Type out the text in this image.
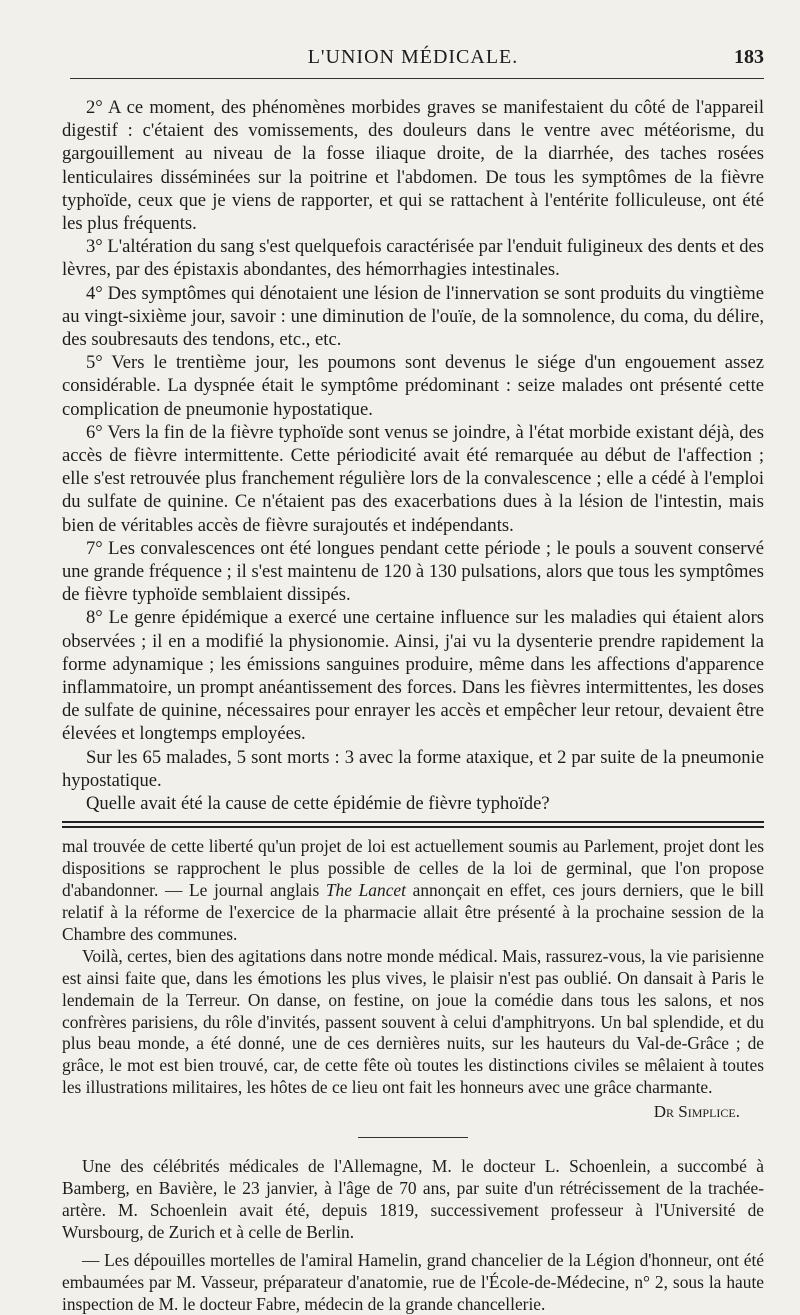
L'UNION MÉDICALE.	183

2° A ce moment, des phénomènes morbides graves se manifestaient du côté de l'appareil digestif : c'étaient des vomissements, des douleurs dans le ventre avec météorisme, du gargouillement au niveau de la fosse iliaque droite, de la diarrhée, des taches rosées lenticulaires disséminées sur la poitrine et l'abdomen. De tous les symptômes de la fièvre typhoïde, ceux que je viens de rapporter, et qui se rattachent à l'entérite folliculeuse, ont été les plus fréquents.

3° L'altération du sang s'est quelquefois caractérisée par l'enduit fuligineux des dents et des lèvres, par des épistaxis abondantes, des hémorrhagies intestinales.

4° Des symptômes qui dénotaient une lésion de l'innervation se sont produits du vingtième au vingt-sixième jour, savoir : une diminution de l'ouïe, de la somnolence, du coma, du délire, des soubresauts des tendons, etc., etc.

5° Vers le trentième jour, les poumons sont devenus le siége d'un engouement assez considérable. La dyspnée était le symptôme prédominant : seize malades ont présenté cette complication de pneumonie hypostatique.

6° Vers la fin de la fièvre typhoïde sont venus se joindre, à l'état morbide existant déjà, des accès de fièvre intermittente. Cette périodicité avait été remarquée au début de l'affection ; elle s'est retrouvée plus franchement régulière lors de la convalescence ; elle a cédé à l'emploi du sulfate de quinine. Ce n'étaient pas des exacerbations dues à la lésion de l'intestin, mais bien de véritables accès de fièvre surajoutés et indépendants.

7° Les convalescences ont été longues pendant cette période ; le pouls a souvent conservé une grande fréquence ; il s'est maintenu de 120 à 130 pulsations, alors que tous les symptômes de fièvre typhoïde semblaient dissipés.

8° Le genre épidémique a exercé une certaine influence sur les maladies qui étaient alors observées ; il en a modifié la physionomie. Ainsi, j'ai vu la dysenterie prendre rapidement la forme adynamique ; les émissions sanguines produire, même dans les affections d'apparence inflammatoire, un prompt anéantissement des forces. Dans les fièvres intermittentes, les doses de sulfate de quinine, nécessaires pour enrayer les accès et empêcher leur retour, devaient être élevées et longtemps employées.

Sur les 65 malades, 5 sont morts : 3 avec la forme ataxique, et 2 par suite de la pneumonie hypostatique.

Quelle avait été la cause de cette épidémie de fièvre typhoïde?

mal trouvée de cette liberté qu'un projet de loi est actuellement soumis au Parlement, projet dont les dispositions se rapprochent le plus possible de celles de la loi de germinal, que l'on propose d'abandonner. — Le journal anglais The Lancet annonçait en effet, ces jours derniers, que le bill relatif à la réforme de l'exercice de la pharmacie allait être présenté à la prochaine session de la Chambre des communes.

Voilà, certes, bien des agitations dans notre monde médical. Mais, rassurez-vous, la vie parisienne est ainsi faite que, dans les émotions les plus vives, le plaisir n'est pas oublié. On dansait à Paris le lendemain de la Terreur. On danse, on festine, on joue la comédie dans tous les salons, et nos confrères parisiens, du rôle d'invités, passent souvent à celui d'amphitryons. Un bal splendide, et du plus beau monde, a été donné, une de ces dernières nuits, sur les hauteurs du Val-de-Grâce ; de grâce, le mot est bien trouvé, car, de cette fête où toutes les distinctions civiles se mêlaient à toutes les illustrations militaires, les hôtes de ce lieu ont fait les honneurs avec une grâce charmante.

Dr Simplice.

Une des célébrités médicales de l'Allemagne, M. le docteur L. Schoenlein, a succombé à Bamberg, en Bavière, le 23 janvier, à l'âge de 70 ans, par suite d'un rétrécissement de la trachée-artère. M. Schoenlein avait été, depuis 1819, successivement professeur à l'Université de Wursbourg, de Zurich et à celle de Berlin.

— Les dépouilles mortelles de l'amiral Hamelin, grand chancelier de la Légion d'honneur, ont été embaumées par M. Vasseur, préparateur d'anatomie, rue de l'École-de-Médecine, n° 2, sous la haute inspection de M. le docteur Fabre, médecin de la grande chancellerie.
